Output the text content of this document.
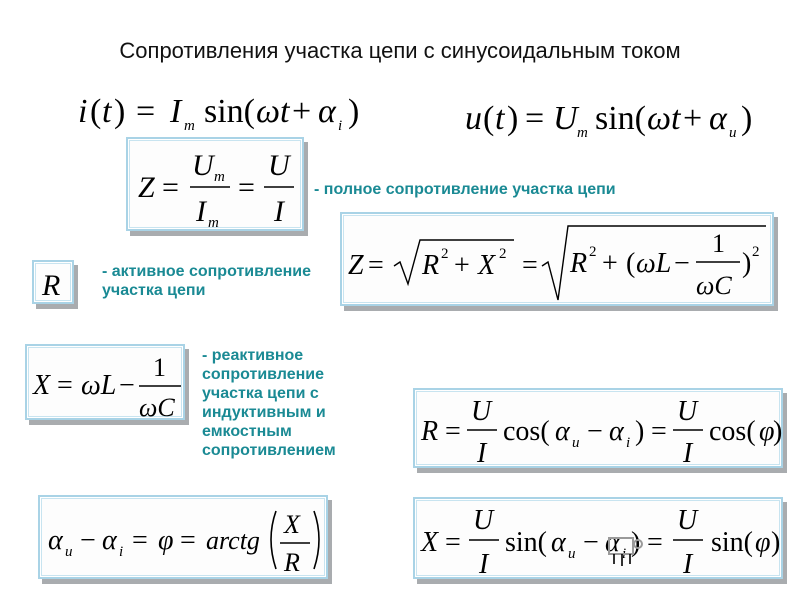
Сопротивления участка цепи с синусоидальным током
i ( t ) = I m sin( ωt + α i )	u ( t ) = U m sin( ωt + α u )
Z =
U m
I m
=
U
I
- полное сопротивление участка цепи
Z = R 2 + X 2 = R 2 + ( ωL −
1
ωC
) 2
R	- активное сопротивление участка цепи
X = ωL −
1
ωC
- реактивное сопротивление участка цепи с индуктивным и емкостным сопротивлением
R =
U
I
cos( α u − α i ) =
U
I
cos( φ
)
α u − α i = φ = arctg
X
R
X =
U
I
sin( α u − α i ) =
U
I
sin( φ )
